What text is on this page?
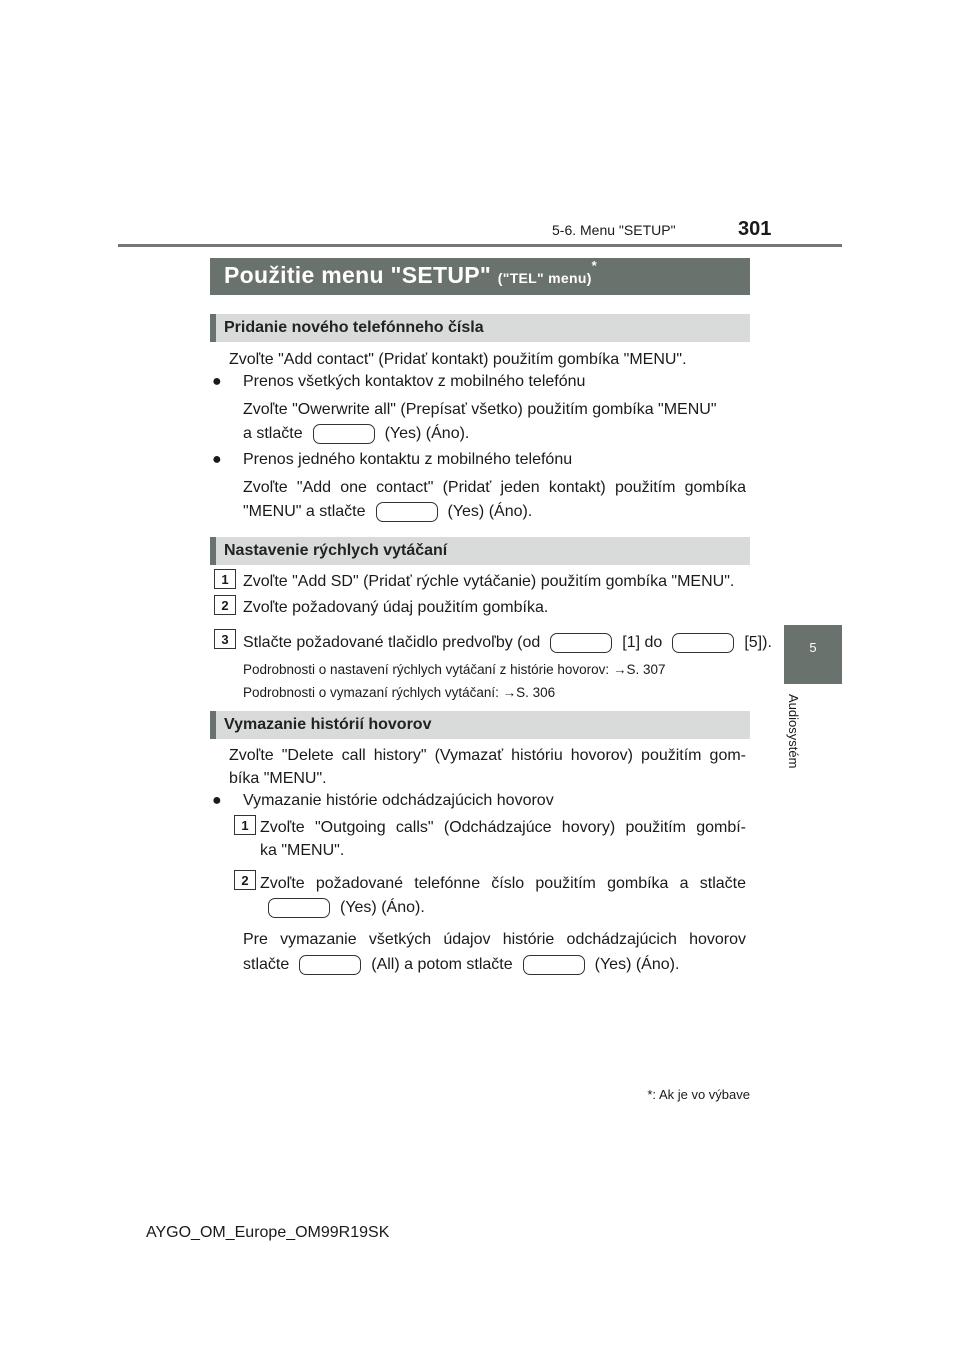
5-6. Menu "SETUP"	301
5
Audiosystém
Použitie menu "SETUP" ("TEL" menu)*
Pridanie nového telefónneho čísla
Zvoľte "Add contact" (Pridať kontakt) použitím gombíka "MENU".
● Prenos všetkých kontaktov z mobilného telefónu
Zvoľte "Owerwrite all" (Prepísať všetko) použitím gombíka "MENU"
a stlačte	(Yes) (Áno).
● Prenos jedného kontaktu z mobilného telefónu
Zvoľte "Add one contact" (Pridať jeden kontakt) použitím gombíka
"MENU" a stlačte	(Yes) (Áno).
Nastavenie rýchlych vytáčaní
1 Zvoľte "Add SD" (Pridať rýchle vytáčanie) použitím gombíka "MENU".
2 Zvoľte požadovaný údaj použitím gombíka.
3 Stlačte požadované tlačidlo predvoľby (od	[1] do	[5]).
Podrobnosti o nastavení rýchlych vytáčaní z histórie hovorov: →S. 307
Podrobnosti o vymazaní rýchlych vytáčaní: →S. 306
Vymazanie histórií hovorov
Zvoľte "Delete call history" (Vymazať históriu hovorov) použitím gom-
bíka "MENU".
● Vymazanie histórie odchádzajúcich hovorov
1 Zvoľte "Outgoing calls" (Odchádzajúce hovory) použitím gombí-
ka "MENU".
2 Zvoľte požadované telefónne číslo použitím gombíka a stlačte
(Yes) (Áno).
Pre vymazanie všetkých údajov histórie odchádzajúcich hovorov
stlačte	(All) a potom stlačte	(Yes) (Áno).
*: Ak je vo výbave
AYGO_OM_Europe_OM99R19SK
